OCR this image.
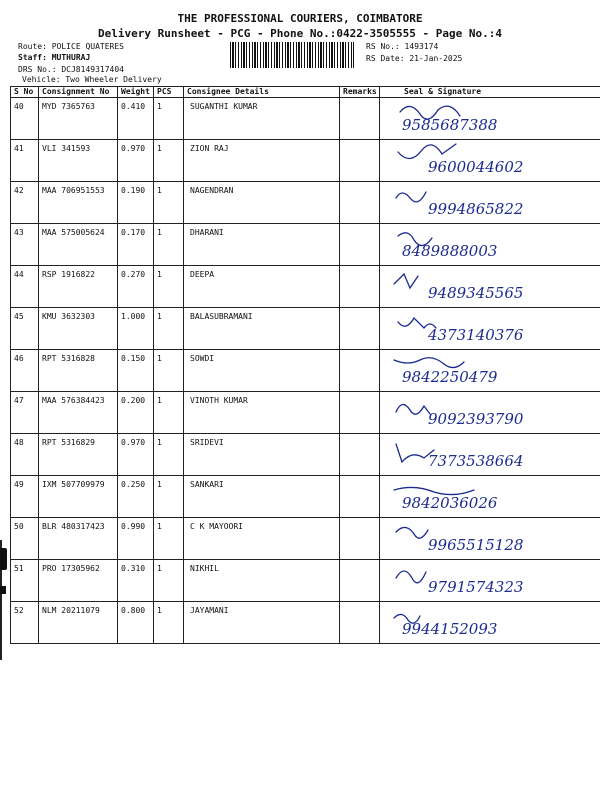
THE PROFESSIONAL COURIERS, COIMBATORE
Delivery Runsheet - PCG - Phone No.:0422-3505555 - Page No.:4
Route: POLICE QUATERES
Staff: MUTHURAJ
DRS No.: DCJ8149317404
Vehicle: Two Wheeler Delivery
RS No.: 1493174
RS Date: 21-Jan-2025
S No	Consignment No	Weight	PCS	Consignee Details	Remarks	Seal & Signature
40	MYD 7365763	0.410	1	SUGANTHI KUMAR		9585687388

41	VLI 341593	0.970	1	ZION RAJ		9600044602

42	MAA 706951553	0.190	1	NAGENDRAN		9994865822

43	MAA 575005624	0.170	1	DHARANI		8489888003

44	RSP 1916822	0.270	1	DEEPA		9489345565

45	KMU 3632303	1.000	1	BALASUBRAMANI		4373140376

46	RPT 5316828	0.150	1	SOWDI		9842250479

47	MAA 576384423	0.200	1	VINOTH KUMAR		9092393790

48	RPT 5316829	0.970	1	SRIDEVI		7373538664

49	IXM 507709979	0.250	1	SANKARI		9842036026

50	BLR 480317423	0.990	1	C K MAYOORI		9965515128

51	PRO 17305962	0.310	1	NIKHIL		9791574323

52	NLM 20211079	0.800	1	JAYAMANI		9944152093
